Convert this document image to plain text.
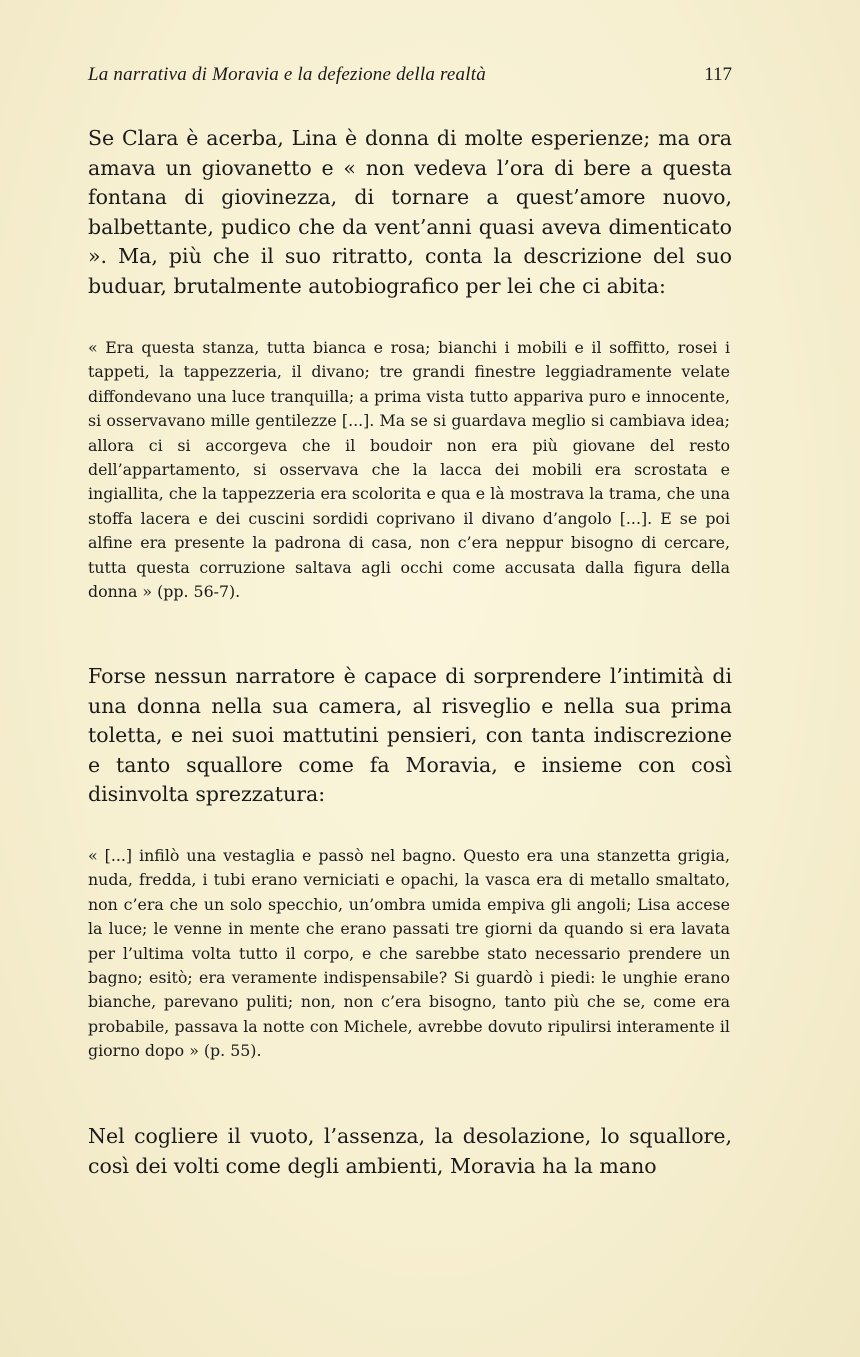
La narrativa di Moravia e la defezione della realtà	117

Se Clara è acerba, Lina è donna di molte esperienze; ma ora amava un giovanetto e « non vedeva l’ora di bere a questa fontana di giovinezza, di tornare a quest’amore nuovo, balbettante, pudico che da vent’anni quasi aveva dimenticato ». Ma, più che il suo ritratto, conta la descrizione del suo buduar, brutalmente autobiografico per lei che ci abita:

« Era questa stanza, tutta bianca e rosa; bianchi i mobili e il soffitto, rosei i tappeti, la tappezzeria, il divano; tre grandi finestre leggiadramente velate diffondevano una luce tranquilla; a prima vista tutto appariva puro e innocente, si osservavano mille gentilezze [...]. Ma se si guardava meglio si cambiava idea; allora ci si accorgeva che il boudoir non era più giovane del resto dell’appartamento, si osservava che la lacca dei mobili era scrostata e ingiallita, che la tappezzeria era scolorita e qua e là mostrava la trama, che una stoffa lacera e dei cuscini sordidi coprivano il divano d’angolo [...]. E se poi alfine era presente la padrona di casa, non c’era neppur bisogno di cercare, tutta questa corruzione saltava agli occhi come accusata dalla figura della donna » (pp. 56-7).

Forse nessun narratore è capace di sorprendere l’intimità di una donna nella sua camera, al risveglio e nella sua prima toletta, e nei suoi mattutini pensieri, con tanta indiscrezione e tanto squallore come fa Moravia, e insieme con così disinvolta sprezzatura:

« [...] infilò una vestaglia e passò nel bagno. Questo era una stanzetta grigia, nuda, fredda, i tubi erano verniciati e opachi, la vasca era di metallo smaltato, non c’era che un solo specchio, un’ombra umida empiva gli angoli; Lisa accese la luce; le venne in mente che erano passati tre giorni da quando si era lavata per l’ultima volta tutto il corpo, e che sarebbe stato necessario prendere un bagno; esitò; era veramente indispensabile? Si guardò i piedi: le unghie erano bianche, parevano puliti; non, non c’era bisogno, tanto più che se, come era probabile, passava la notte con Michele, avrebbe dovuto ripulirsi interamente il giorno dopo » (p. 55).

Nel cogliere il vuoto, l’assenza, la desolazione, lo squallore, così dei volti come degli ambienti, Moravia ha la mano
